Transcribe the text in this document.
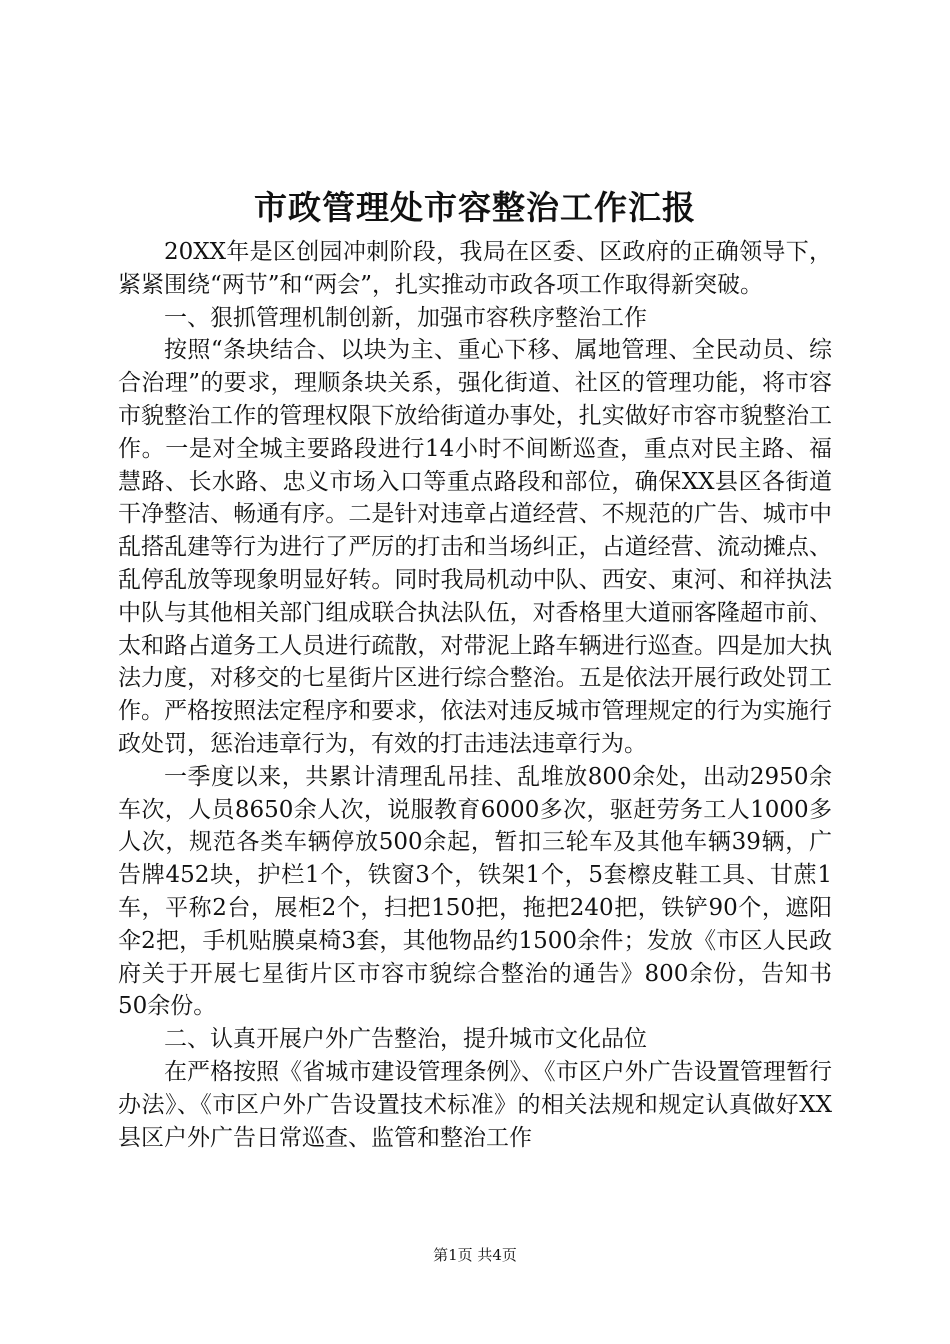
市政管理处市容整治工作汇报

20XX年是区创园冲刺阶段，我局在区委、区政府的正确领导下，紧紧围绕“两节”和“两会”，扎实推动市政各项工作取得新突破。

一、狠抓管理机制创新，加强市容秩序整治工作

按照“条块结合、以块为主、重心下移、属地管理、全民动员、综合治理”的要求，理顺条块关系，强化街道、社区的管理功能，将市容市貌整治工作的管理权限下放给街道办事处，扎实做好市容市貌整治工作。一是对全城主要路段进行14小时不间断巡查，重点对民主路、福慧路、长水路、忠义市场入口等重点路段和部位，确保XX县区各街道干净整洁、畅通有序。二是针对违章占道经营、不规范的广告、城市中乱搭乱建等行为进行了严厉的打击和当场纠正，占道经营、流动摊点、乱停乱放等现象明显好转。同时我局机动中队、西安、東河、和祥执法中队与其他相关部门组成联合执法队伍，对香格里大道丽客隆超市前、太和路占道务工人员进行疏散，对带泥上路车辆进行巡查。四是加大执法力度，对移交的七星街片区进行综合整治。五是依法开展行政处罚工作。严格按照法定程序和要求，依法对违反城市管理规定的行为实施行政处罚，惩治违章行为，有效的打击违法违章行为。

一季度以来，共累计清理乱吊挂、乱堆放800余处，出动2950余车次，人员8650余人次，说服教育6000多次，驱赶劳务工人1000多人次，规范各类车辆停放500余起，暂扣三轮车及其他车辆39辆，广告牌452块，护栏1个，铁窗3个，铁架1个，5套檫皮鞋工具、甘蔗1车，平称2台，展柜2个，扫把150把，拖把240把，铁铲90个，遮阳伞2把，手机贴膜桌椅3套，其他物品约1500余件；发放《市区人民政府关于开展七星街片区市容市貌综合整治的通告》800余份，告知书50余份。

二、认真开展户外广告整治，提升城市文化品位

在严格按照《省城市建设管理条例》、《市区户外广告设置管理暂行办法》、《市区户外广告设置技术标准》的相关法规和规定认真做好XX县区户外广告日常巡查、监管和整治工作

第1页 共4页
